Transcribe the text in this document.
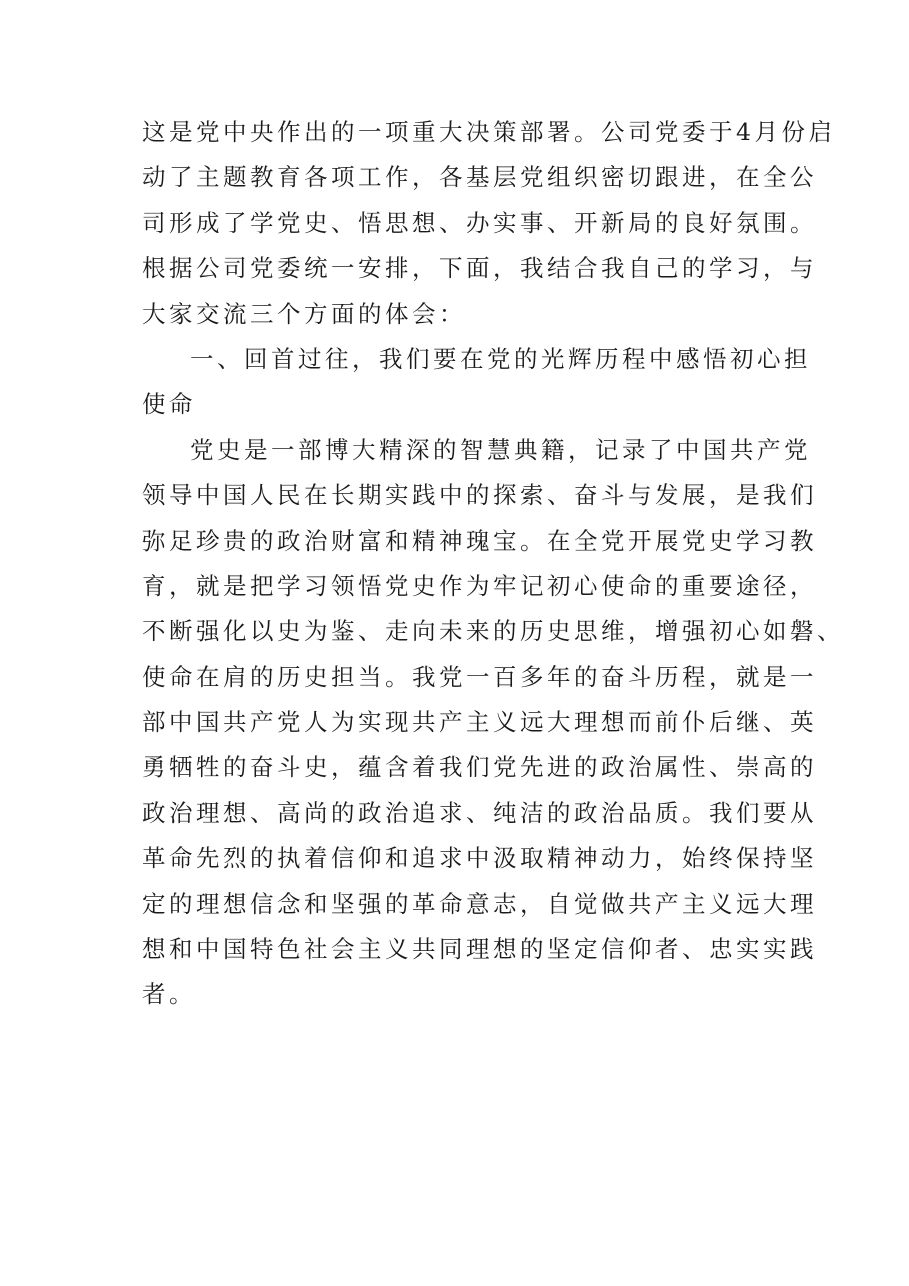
这是党中央作出的一项重大决策部署。公司党委于4月份启
动了主题教育各项工作，各基层党组织密切跟进，在全公
司形成了学党史、悟思想、办实事、开新局的良好氛围。
根据公司党委统一安排，下面，我结合我自己的学习，与
大家交流三个方面的体会：
一、回首过往，我们要在党的光辉历程中感悟初心担
使命
党史是一部博大精深的智慧典籍，记录了中国共产党
领导中国人民在长期实践中的探索、奋斗与发展，是我们
弥足珍贵的政治财富和精神瑰宝。在全党开展党史学习教
育，就是把学习领悟党史作为牢记初心使命的重要途径，
不断强化以史为鉴、走向未来的历史思维，增强初心如磐、
使命在肩的历史担当。我党一百多年的奋斗历程，就是一
部中国共产党人为实现共产主义远大理想而前仆后继、英
勇牺牲的奋斗史，蕴含着我们党先进的政治属性、崇高的
政治理想、高尚的政治追求、纯洁的政治品质。我们要从
革命先烈的执着信仰和追求中汲取精神动力，始终保持坚
定的理想信念和坚强的革命意志，自觉做共产主义远大理
想和中国特色社会主义共同理想的坚定信仰者、忠实实践
者。
